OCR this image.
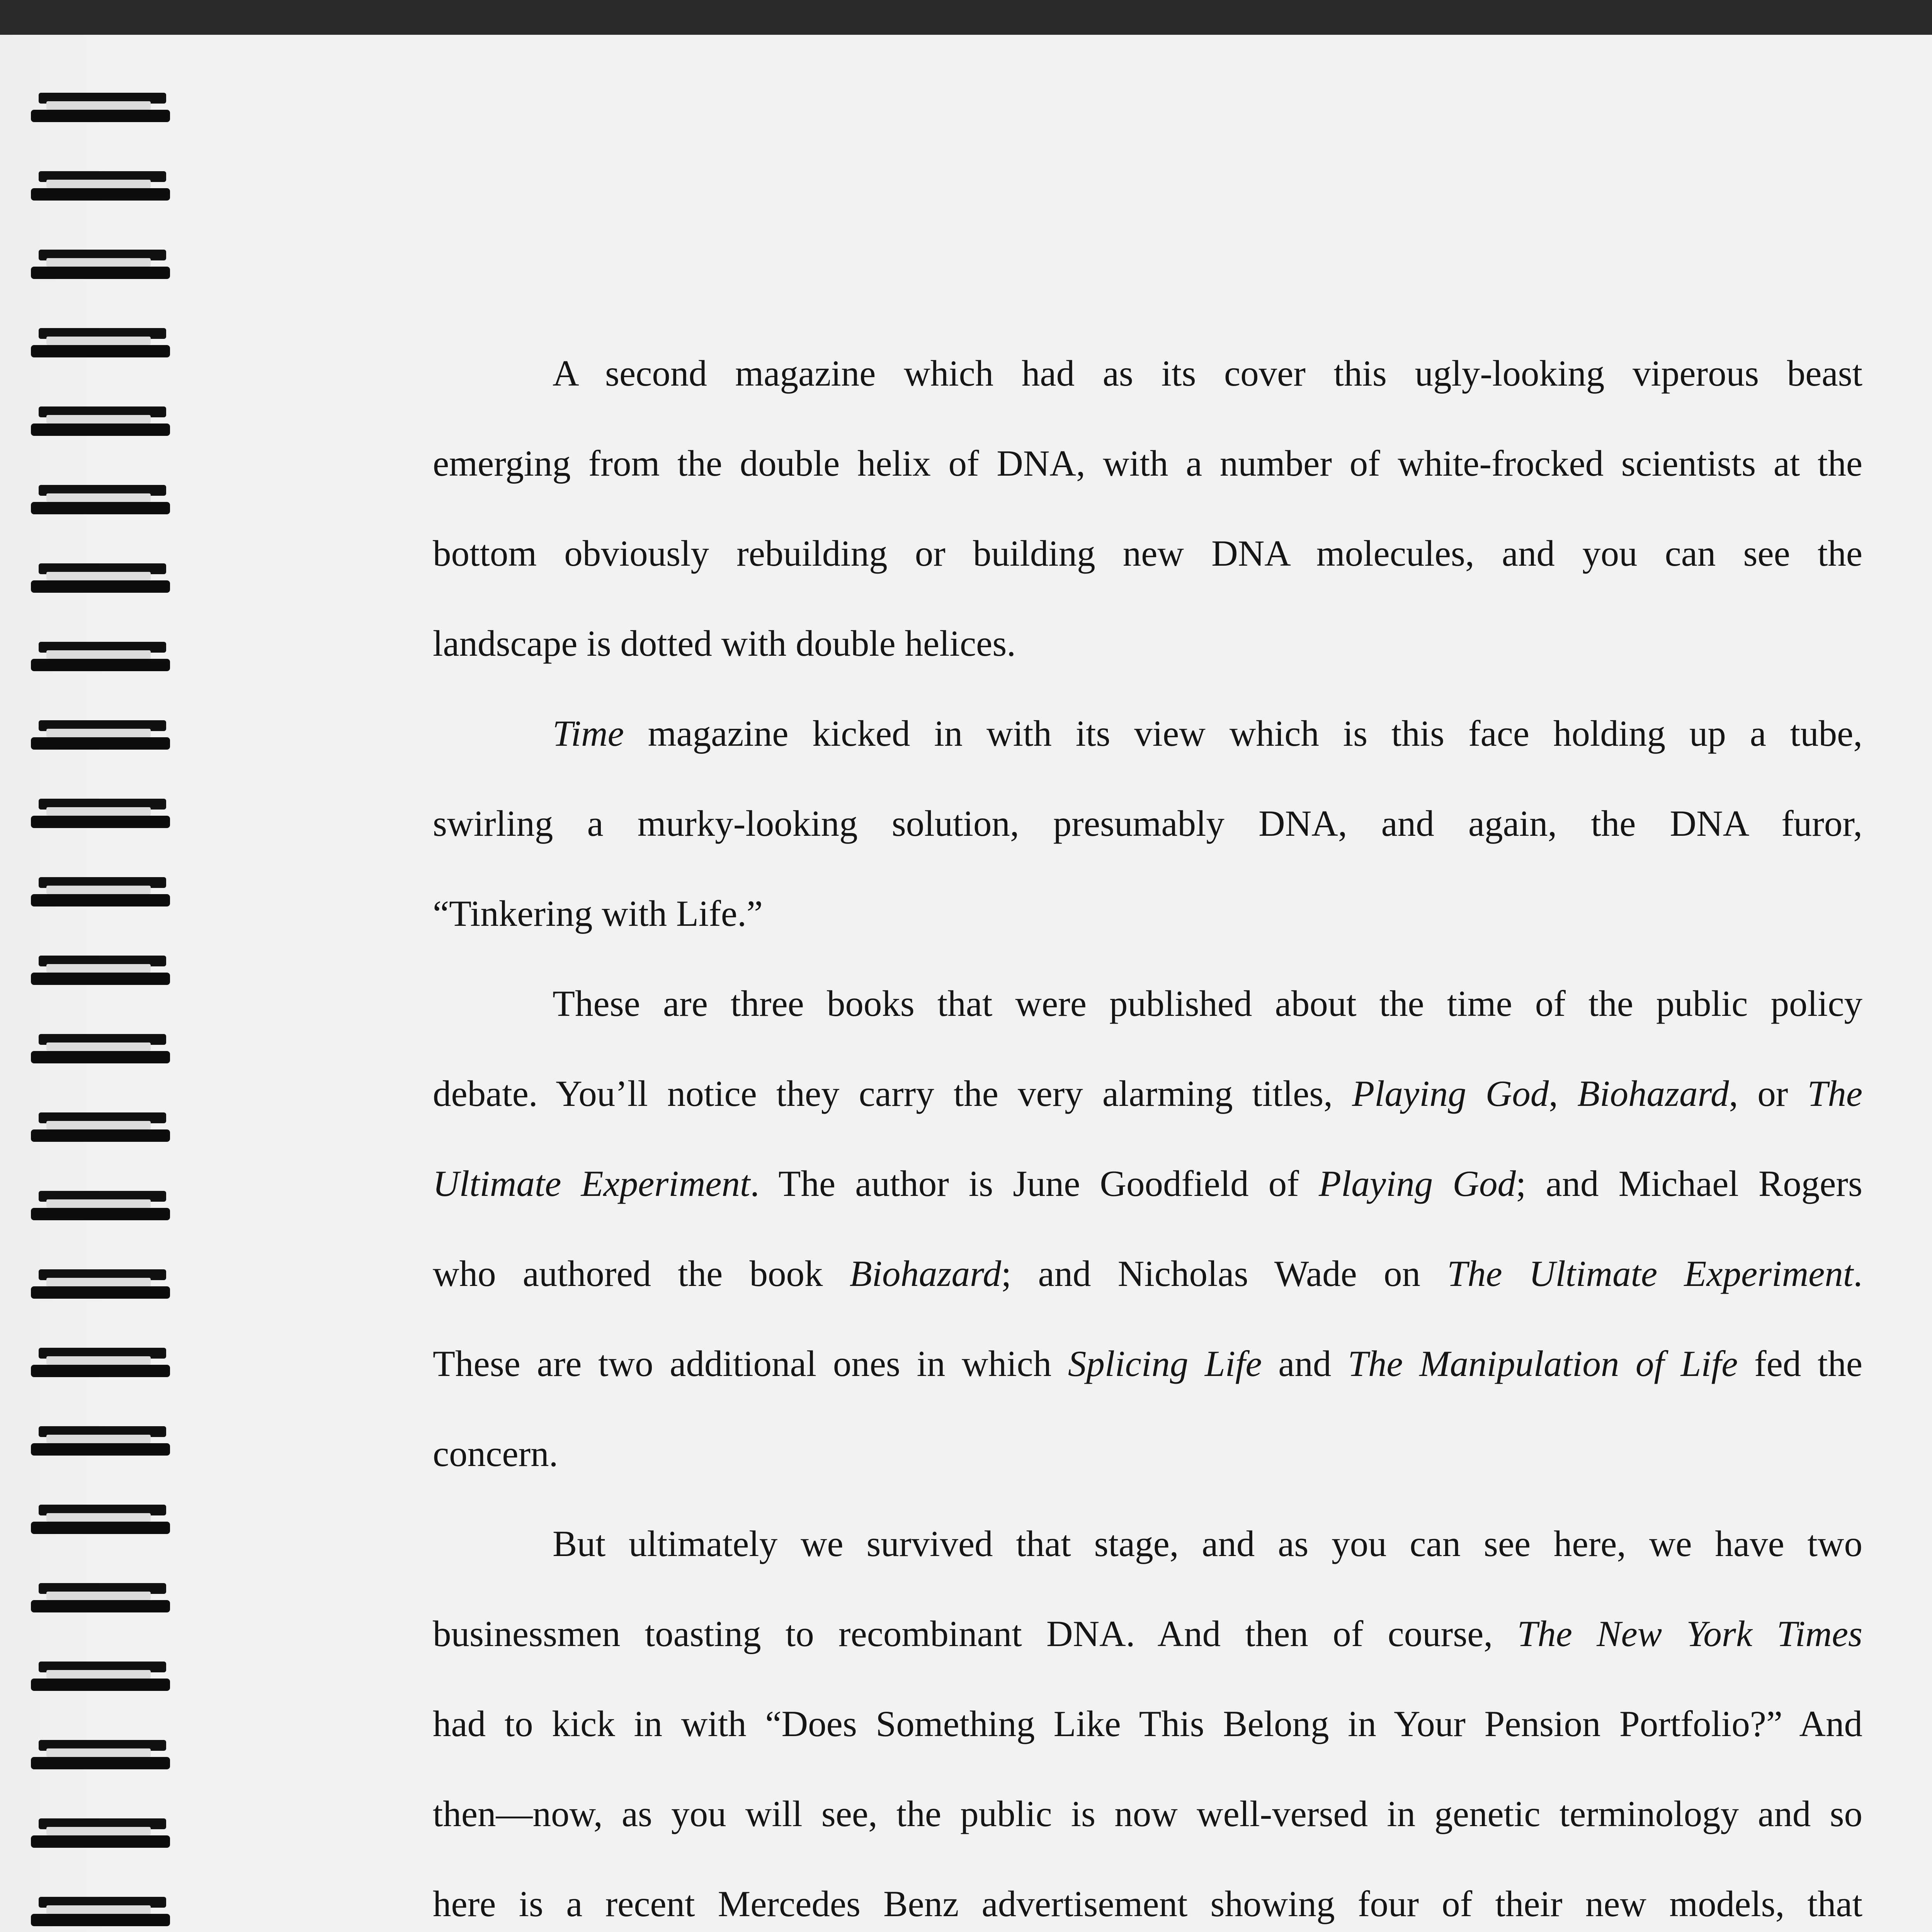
A second magazine which had as its cover this ugly-looking viperous beast
emerging from the double helix of DNA, with a number of white-frocked scientists at the
bottom obviously rebuilding or building new DNA molecules, and you can see the
landscape is dotted with double helices.
Time magazine kicked in with its view which is this face holding up a tube,
swirling a murky-looking solution, presumably DNA, and again, the DNA furor,
“Tinkering with Life.”
These are three books that were published about the time of the public policy
debate. You’ll notice they carry the very alarming titles, Playing God, Biohazard, or The
Ultimate Experiment. The author is June Goodfield of Playing God; and Michael Rogers
who authored the book Biohazard; and Nicholas Wade on The Ultimate Experiment.
These are two additional ones in which Splicing Life and The Manipulation of Life fed the
concern.
But ultimately we survived that stage, and as you can see here, we have two
businessmen toasting to recombinant DNA. And then of course, The New York Times
had to kick in with “Does Something Like This Belong in Your Pension Portfolio?” And
then—now, as you will see, the public is now well-versed in genetic terminology and so
here is a recent Mercedes Benz advertisement showing four of their new models, that
